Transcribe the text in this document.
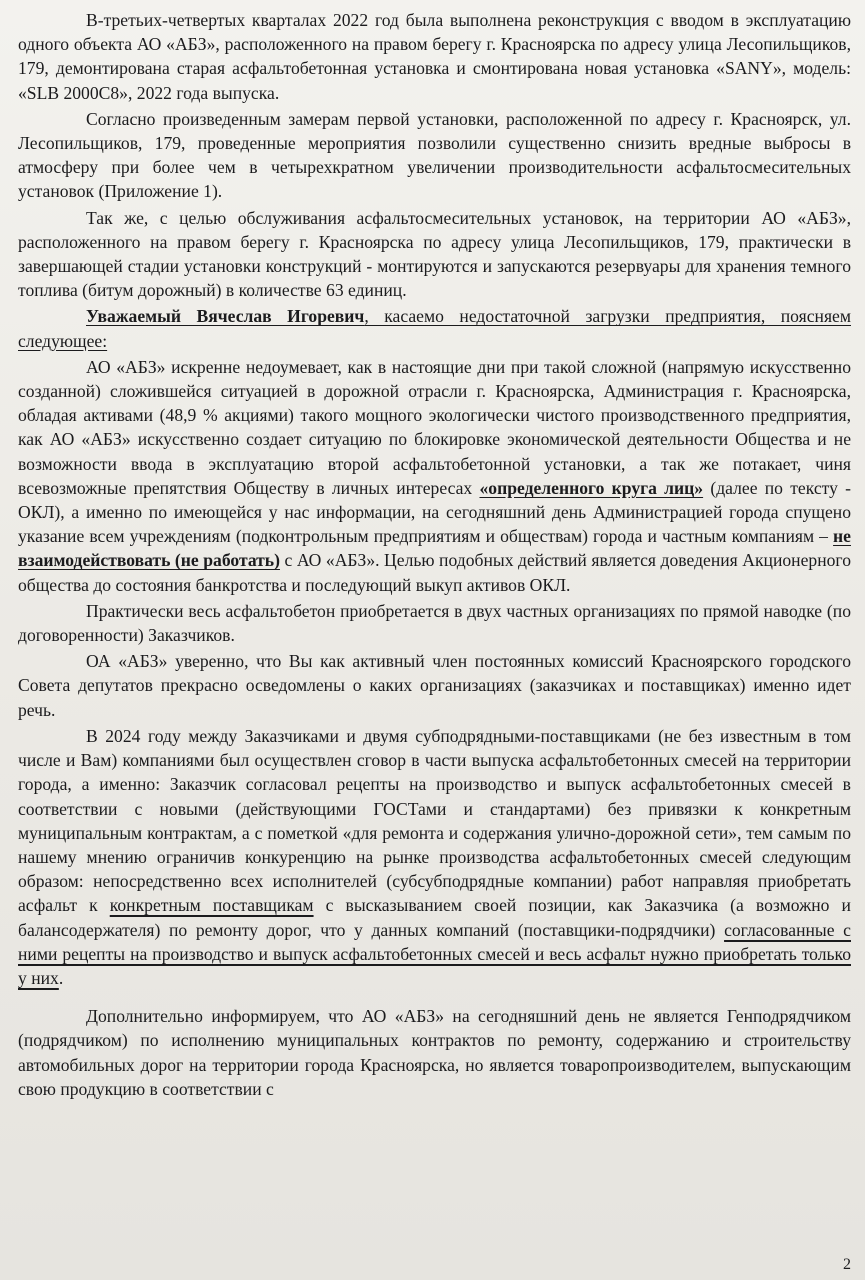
В-третьих-четвертых кварталах 2022 год была выполнена реконструкция с вводом в эксплуатацию одного объекта АО «АБЗ», расположенного на правом берегу г. Красноярска по адресу улица Лесопильщиков, 179, демонтирована старая асфальтобетонная установка и смонтирована новая установка «SANY», модель: «SLB 2000C8», 2022 года выпуска.

Согласно произведенным замерам первой установки, расположенной по адресу г. Красноярск, ул. Лесопильщиков, 179, проведенные мероприятия позволили существенно снизить вредные выбросы в атмосферу при более чем в четырехкратном увеличении производительности асфальтосмесительных установок (Приложение 1).

Так же, с целью обслуживания асфальтосмесительных установок, на территории АО «АБЗ», расположенного на правом берегу г. Красноярска по адресу улица Лесопильщиков, 179, практически в завершающей стадии установки конструкций - монтируются и запускаются резервуары для хранения темного топлива (битум дорожный) в количестве 63 единиц.

Уважаемый Вячеслав Игоревич, касаемо недостаточной загрузки предприятия, поясняем следующее:

АО «АБЗ» искренне недоумевает, как в настоящие дни при такой сложной (напрямую искусственно созданной) сложившейся ситуацией в дорожной отрасли г. Красноярска, Администрация г. Красноярска, обладая активами (48,9 % акциями) такого мощного экологически чистого производственного предприятия, как АО «АБЗ» искусственно создает ситуацию по блокировке экономической деятельности Общества и не возможности ввода в эксплуатацию второй асфальтобетонной установки, а так же потакает, чиня всевозможные препятствия Обществу в личных интересах «определенного круга лиц» (далее по тексту - ОКЛ), а именно по имеющейся у нас информации, на сегодняшний день Администрацией города спущено указание всем учреждениям (подконтрольным предприятиям и обществам) города и частным компаниям – не взаимодействовать (не работать) с АО «АБЗ». Целью подобных действий является доведения Акционерного общества до состояния банкротства и последующий выкуп активов ОКЛ.

Практически весь асфальтобетон приобретается в двух частных организациях по прямой наводке (по договоренности) Заказчиков.

ОА «АБЗ» уверенно, что Вы как активный член постоянных комиссий Красноярского городского Совета депутатов прекрасно осведомлены о каких организациях (заказчиках и поставщиках) именно идет речь.

В 2024 году между Заказчиками и двумя субподрядными-поставщиками (не без известным в том числе и Вам) компаниями был осуществлен сговор в части выпуска асфальтобетонных смесей на территории города, а именно: Заказчик согласовал рецепты на производство и выпуск асфальтобетонных смесей в соответствии с новыми (действующими ГОСТами и стандартами) без привязки к конкретным муниципальным контрактам, а с пометкой «для ремонта и содержания улично-дорожной сети», тем самым по нашему мнению ограничив конкуренцию на рынке производства асфальтобетонных смесей следующим образом: непосредственно всех исполнителей (субсубподрядные компании) работ направляя приобретать асфальт к конкретным поставщикам с высказыванием своей позиции, как Заказчика (а возможно и балансодержателя) по ремонту дорог, что у данных компаний (поставщики-подрядчики) согласованные с ними рецепты на производство и выпуск асфальтобетонных смесей и весь асфальт нужно приобретать только у них.

Дополнительно информируем, что АО «АБЗ» на сегодняшний день не является Генподрядчиком (подрядчиком) по исполнению муниципальных контрактов по ремонту, содержанию и строительству автомобильных дорог на территории города Красноярска, но является товаропроизводителем, выпускающим свою продукцию в соответствии с

2
